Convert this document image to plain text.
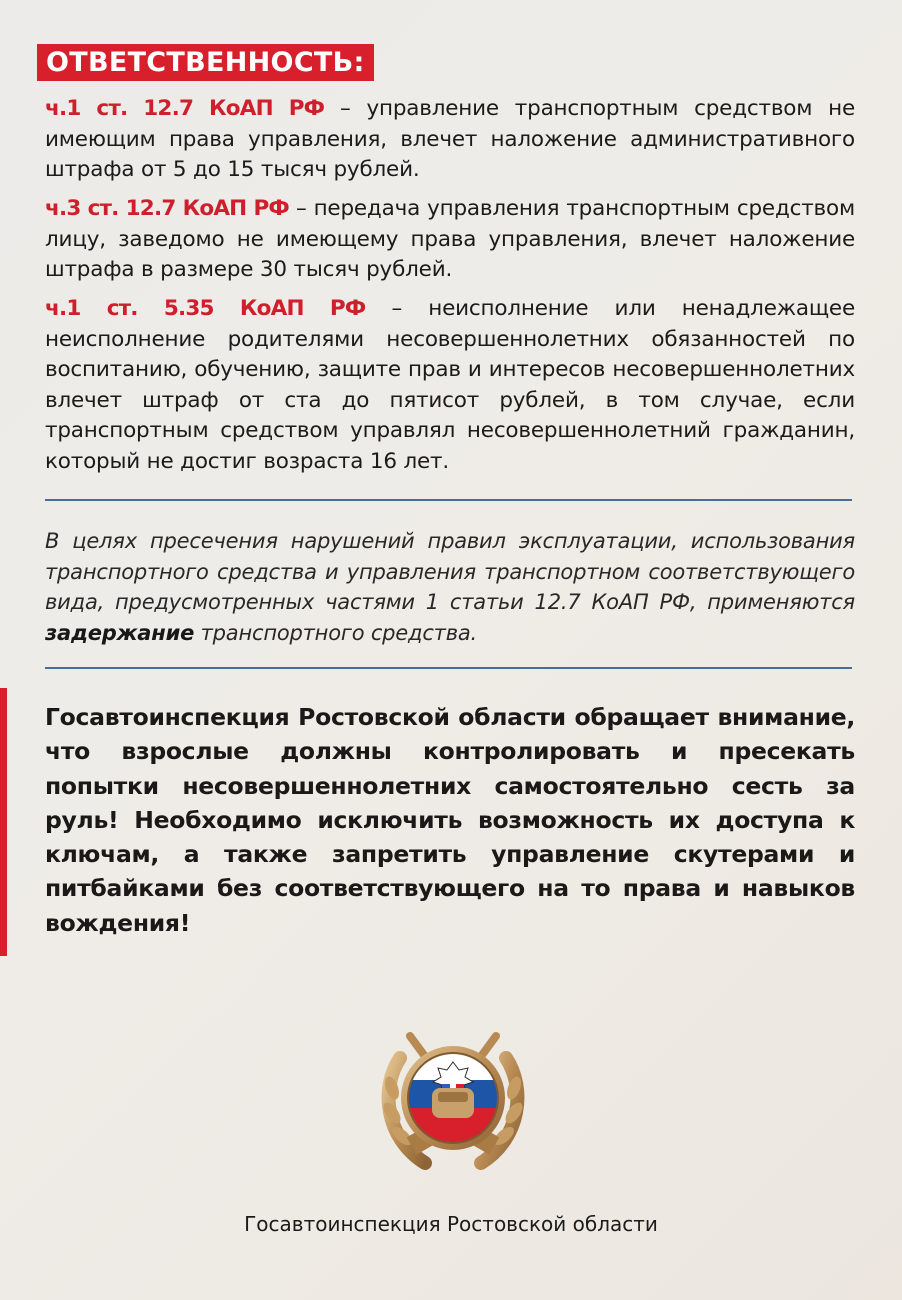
ОТВЕТСТВЕННОСТЬ:
ч.1 ст. 12.7 КоАП РФ – управление транспортным средством не имеющим права управления, влечет наложение административного штрафа от 5 до 15 тысяч рублей.
ч.3 ст. 12.7 КоАП РФ – передача управления транспортным средством лицу, заведомо не имеющему права управления, влечет наложение штрафа в размере 30 тысяч рублей.
ч.1 ст. 5.35 КоАП РФ – неисполнение или ненадлежащее неисполнение родителями несовершеннолетних обязанностей по воспитанию, обучению, защите прав и интересов несовершеннолетних влечет штраф от ста до пятисот рублей, в том случае, если транспортным средством управлял несовершеннолетний гражданин, который не достиг возраста 16 лет.
В целях пресечения нарушений правил эксплуатации, использования транспортного средства и управления транспортном соответствующего вида, предусмотренных частями 1 статьи 12.7 КоАП РФ, применяются задержание транспортного средства.
Госавтоинспекция Ростовской области обращает внимание, что взрослые должны контролировать и пресекать попытки несовершеннолетних самостоятельно сесть за руль! Необходимо исключить возможность их доступа к ключам, а также запретить управление скутерами и питбайками без соответствующего на то права и навыков вождения!
Госавтоинспекция Ростовской области
